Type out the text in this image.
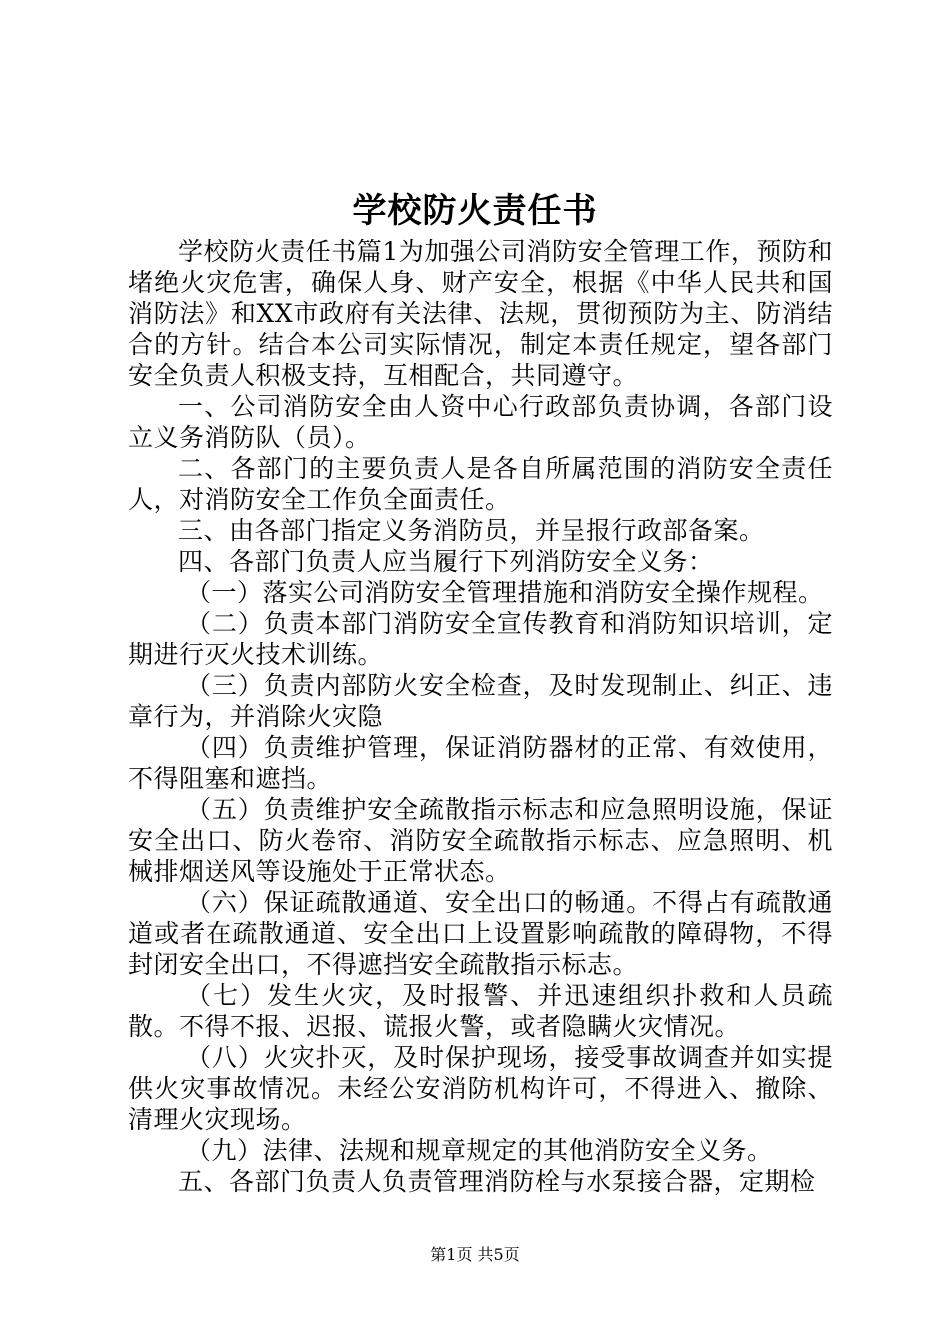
学校防火责任书

学校防火责任书篇1为加强公司消防安全管理工作，预防和堵绝火灾危害，确保人身、财产安全，根据《中华人民共和国消防法》和XX市政府有关法律、法规，贯彻预防为主、防消结合的方针。结合本公司实际情况，制定本责任规定，望各部门安全负责人积极支持，互相配合，共同遵守。

一、公司消防安全由人资中心行政部负责协调，各部门设立义务消防队（员）。

二、各部门的主要负责人是各自所属范围的消防安全责任人，对消防安全工作负全面责任。

三、由各部门指定义务消防员，并呈报行政部备案。

四、各部门负责人应当履行下列消防安全义务：

（一）落实公司消防安全管理措施和消防安全操作规程。

（二）负责本部门消防安全宣传教育和消防知识培训，定期进行灭火技术训练。

（三）负责内部防火安全检查，及时发现制止、纠正、违章行为，并消除火灾隐

（四）负责维护管理，保证消防器材的正常、有效使用，不得阻塞和遮挡。

（五）负责维护安全疏散指示标志和应急照明设施，保证安全出口、防火卷帘、消防安全疏散指示标志、应急照明、机械排烟送风等设施处于正常状态。

（六）保证疏散通道、安全出口的畅通。不得占有疏散通道或者在疏散通道、安全出口上设置影响疏散的障碍物，不得封闭安全出口，不得遮挡安全疏散指示标志。

（七）发生火灾，及时报警、并迅速组织扑救和人员疏散。不得不报、迟报、谎报火警，或者隐瞒火灾情况。

（八）火灾扑灭，及时保护现场，接受事故调查并如实提供火灾事故情况。未经公安消防机构许可，不得进入、撤除、清理火灾现场。

（九）法律、法规和规章规定的其他消防安全义务。

五、各部门负责人负责管理消防栓与水泵接合器，定期检

第1页 共5页
